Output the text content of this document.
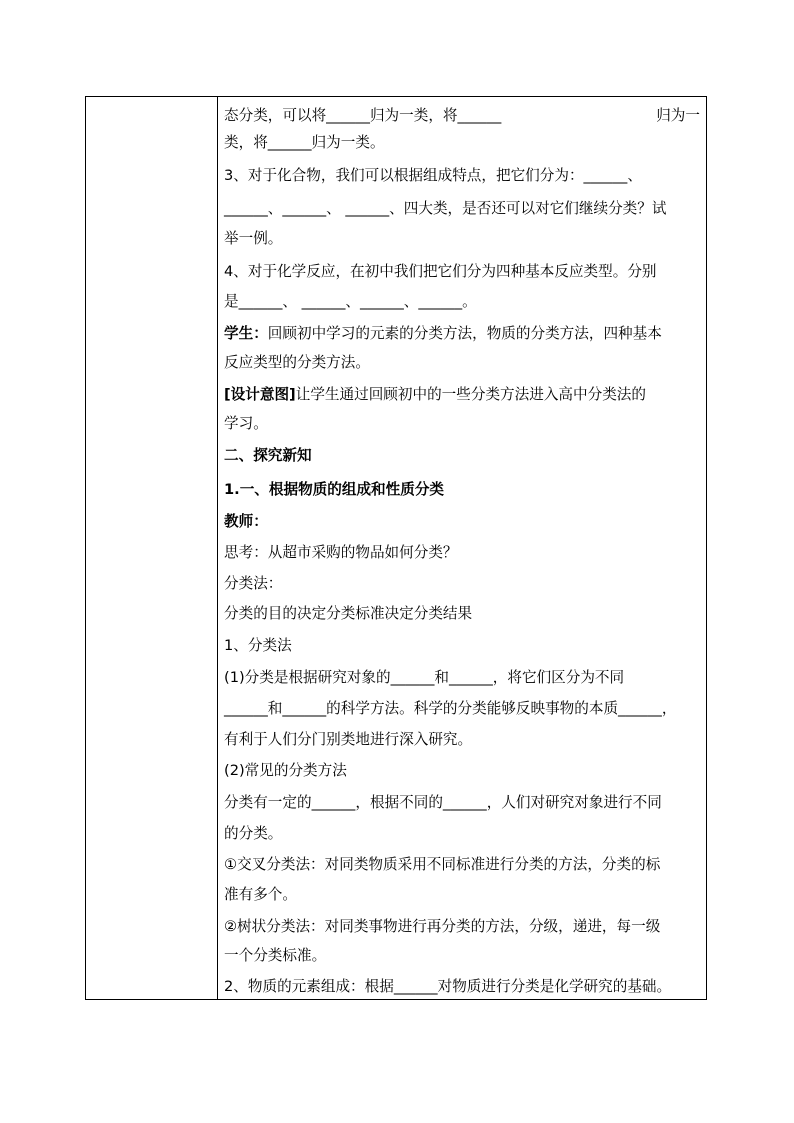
态分类，可以将______归为一类，将______	归为一
类，将______归为一类。
3、对于化合物，我们可以根据组成特点，把它们分为：______、
______、______、 ______、四大类，是否还可以对它们继续分类？试
举一例。
4、对于化学反应，在初中我们把它们分为四种基本反应类型。分别
是______、 ______、______、______。
学生：回顾初中学习的元素的分类方法，物质的分类方法，四种基本
反应类型的分类方法。
[设计意图]让学生通过回顾初中的一些分类方法进入高中分类法的
学习。
二、探究新知
1.一、根据物质的组成和性质分类
教师：
思考：从超市采购的物品如何分类？
分类法：
分类的目的决定分类标准决定分类结果
1、分类法
(1)分类是根据研究对象的______和______，将它们区分为不同
______和______的科学方法。科学的分类能够反映事物的本质______，
有利于人们分门别类地进行深入研究。
(2)常见的分类方法
分类有一定的______，根据不同的______，人们对研究对象进行不同
的分类。
①交叉分类法：对同类物质采用不同标准进行分类的方法，分类的标
准有多个。
②树状分类法：对同类事物进行再分类的方法，分级，递进，每一级
一个分类标准。
2、物质的元素组成：根据______对物质进行分类是化学研究的基础。
